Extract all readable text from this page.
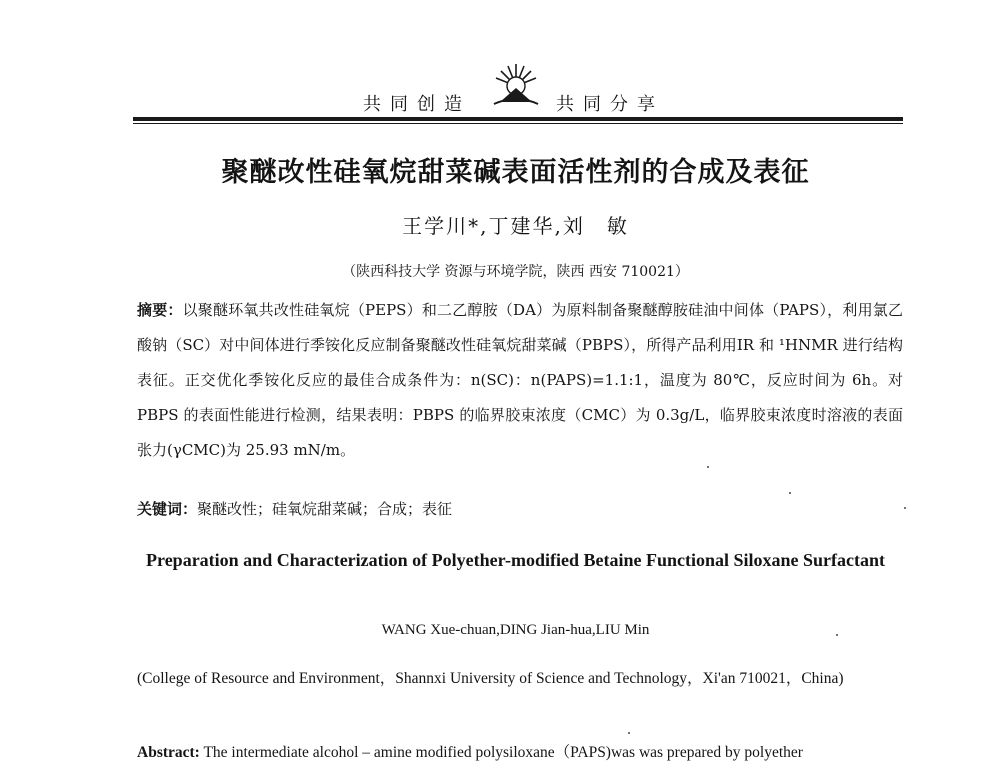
共同创造	共同分享
聚醚改性硅氧烷甜菜碱表面活性剂的合成及表征
王学川*,丁建华,刘　敏
（陕西科技大学 资源与环境学院，陕西 西安 710021）
摘要：以聚醚环氧共改性硅氧烷（PEPS）和二乙醇胺（DA）为原料制备聚醚醇胺硅油中间体（PAPS），利用氯乙酸钠（SC）对中间体进行季铵化反应制备聚醚改性硅氧烷甜菜碱（PBPS），所得产品利用IR 和 ¹HNMR 进行结构表征。正交优化季铵化反应的最佳合成条件为：n(SC)：n(PAPS)=1.1:1，温度为 80℃，反应时间为 6h。对 PBPS 的表面性能进行检测，结果表明：PBPS 的临界胶束浓度（CMC）为 0.3g/L，临界胶束浓度时溶液的表面张力(γCMC)为 25.93 mN/m。
关键词：聚醚改性；硅氧烷甜菜碱；合成；表征
Preparation and Characterization of Polyether-modified Betaine Functional Siloxane Surfactant
WANG Xue-chuan,DING Jian-hua,LIU Min
(College of Resource and Environment，Shannxi University of Science and Technology，Xi'an 710021，China)
Abstract: The intermediate alcohol – amine modified polysiloxane（PAPS)was was prepared by polyether
